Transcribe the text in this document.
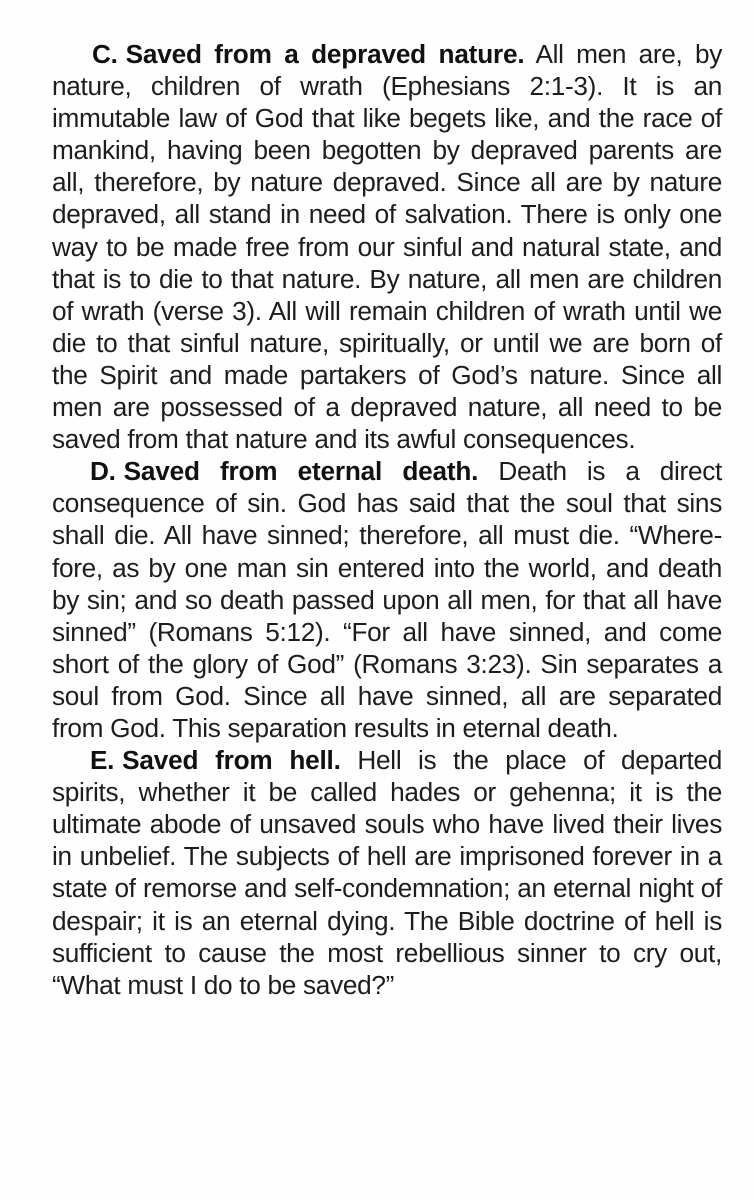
C. Saved from a depraved nature. All men are, by nature, children of wrath (Ephesians 2:1-3). It is an immutable law of God that like begets like, and the race of mankind, having been begotten by depraved parents are all, therefore, by nature depraved. Since all are by nature depraved, all stand in need of salvation. There is only one way to be made free from our sinful and natural state, and that is to die to that nature. By nature, all men are children of wrath (verse 3). All will remain children of wrath until we die to that sinful nature, spiritually, or until we are born of the Spirit and made partakers of God’s nature. Since all men are possessed of a depraved nature, all need to be saved from that nature and its awful consequences.

D. Saved from eternal death. Death is a direct consequence of sin. God has said that the soul that sins shall die. All have sinned; therefore, all must die. “Where-fore, as by one man sin entered into the world, and death by sin; and so death passed upon all men, for that all have sinned” (Romans 5:12). “For all have sinned, and come short of the glory of God” (Romans 3:23). Sin separates a soul from God. Since all have sinned, all are separated from God. This separation results in eternal death.

E. Saved from hell. Hell is the place of departed spirits, whether it be called hades or gehenna; it is the ultimate abode of unsaved souls who have lived their lives in unbelief. The subjects of hell are imprisoned forever in a state of remorse and self-condemnation; an eternal night of despair; it is an eternal dying. The Bible doctrine of hell is sufficient to cause the most rebellious sinner to cry out, “What must I do to be saved?”
